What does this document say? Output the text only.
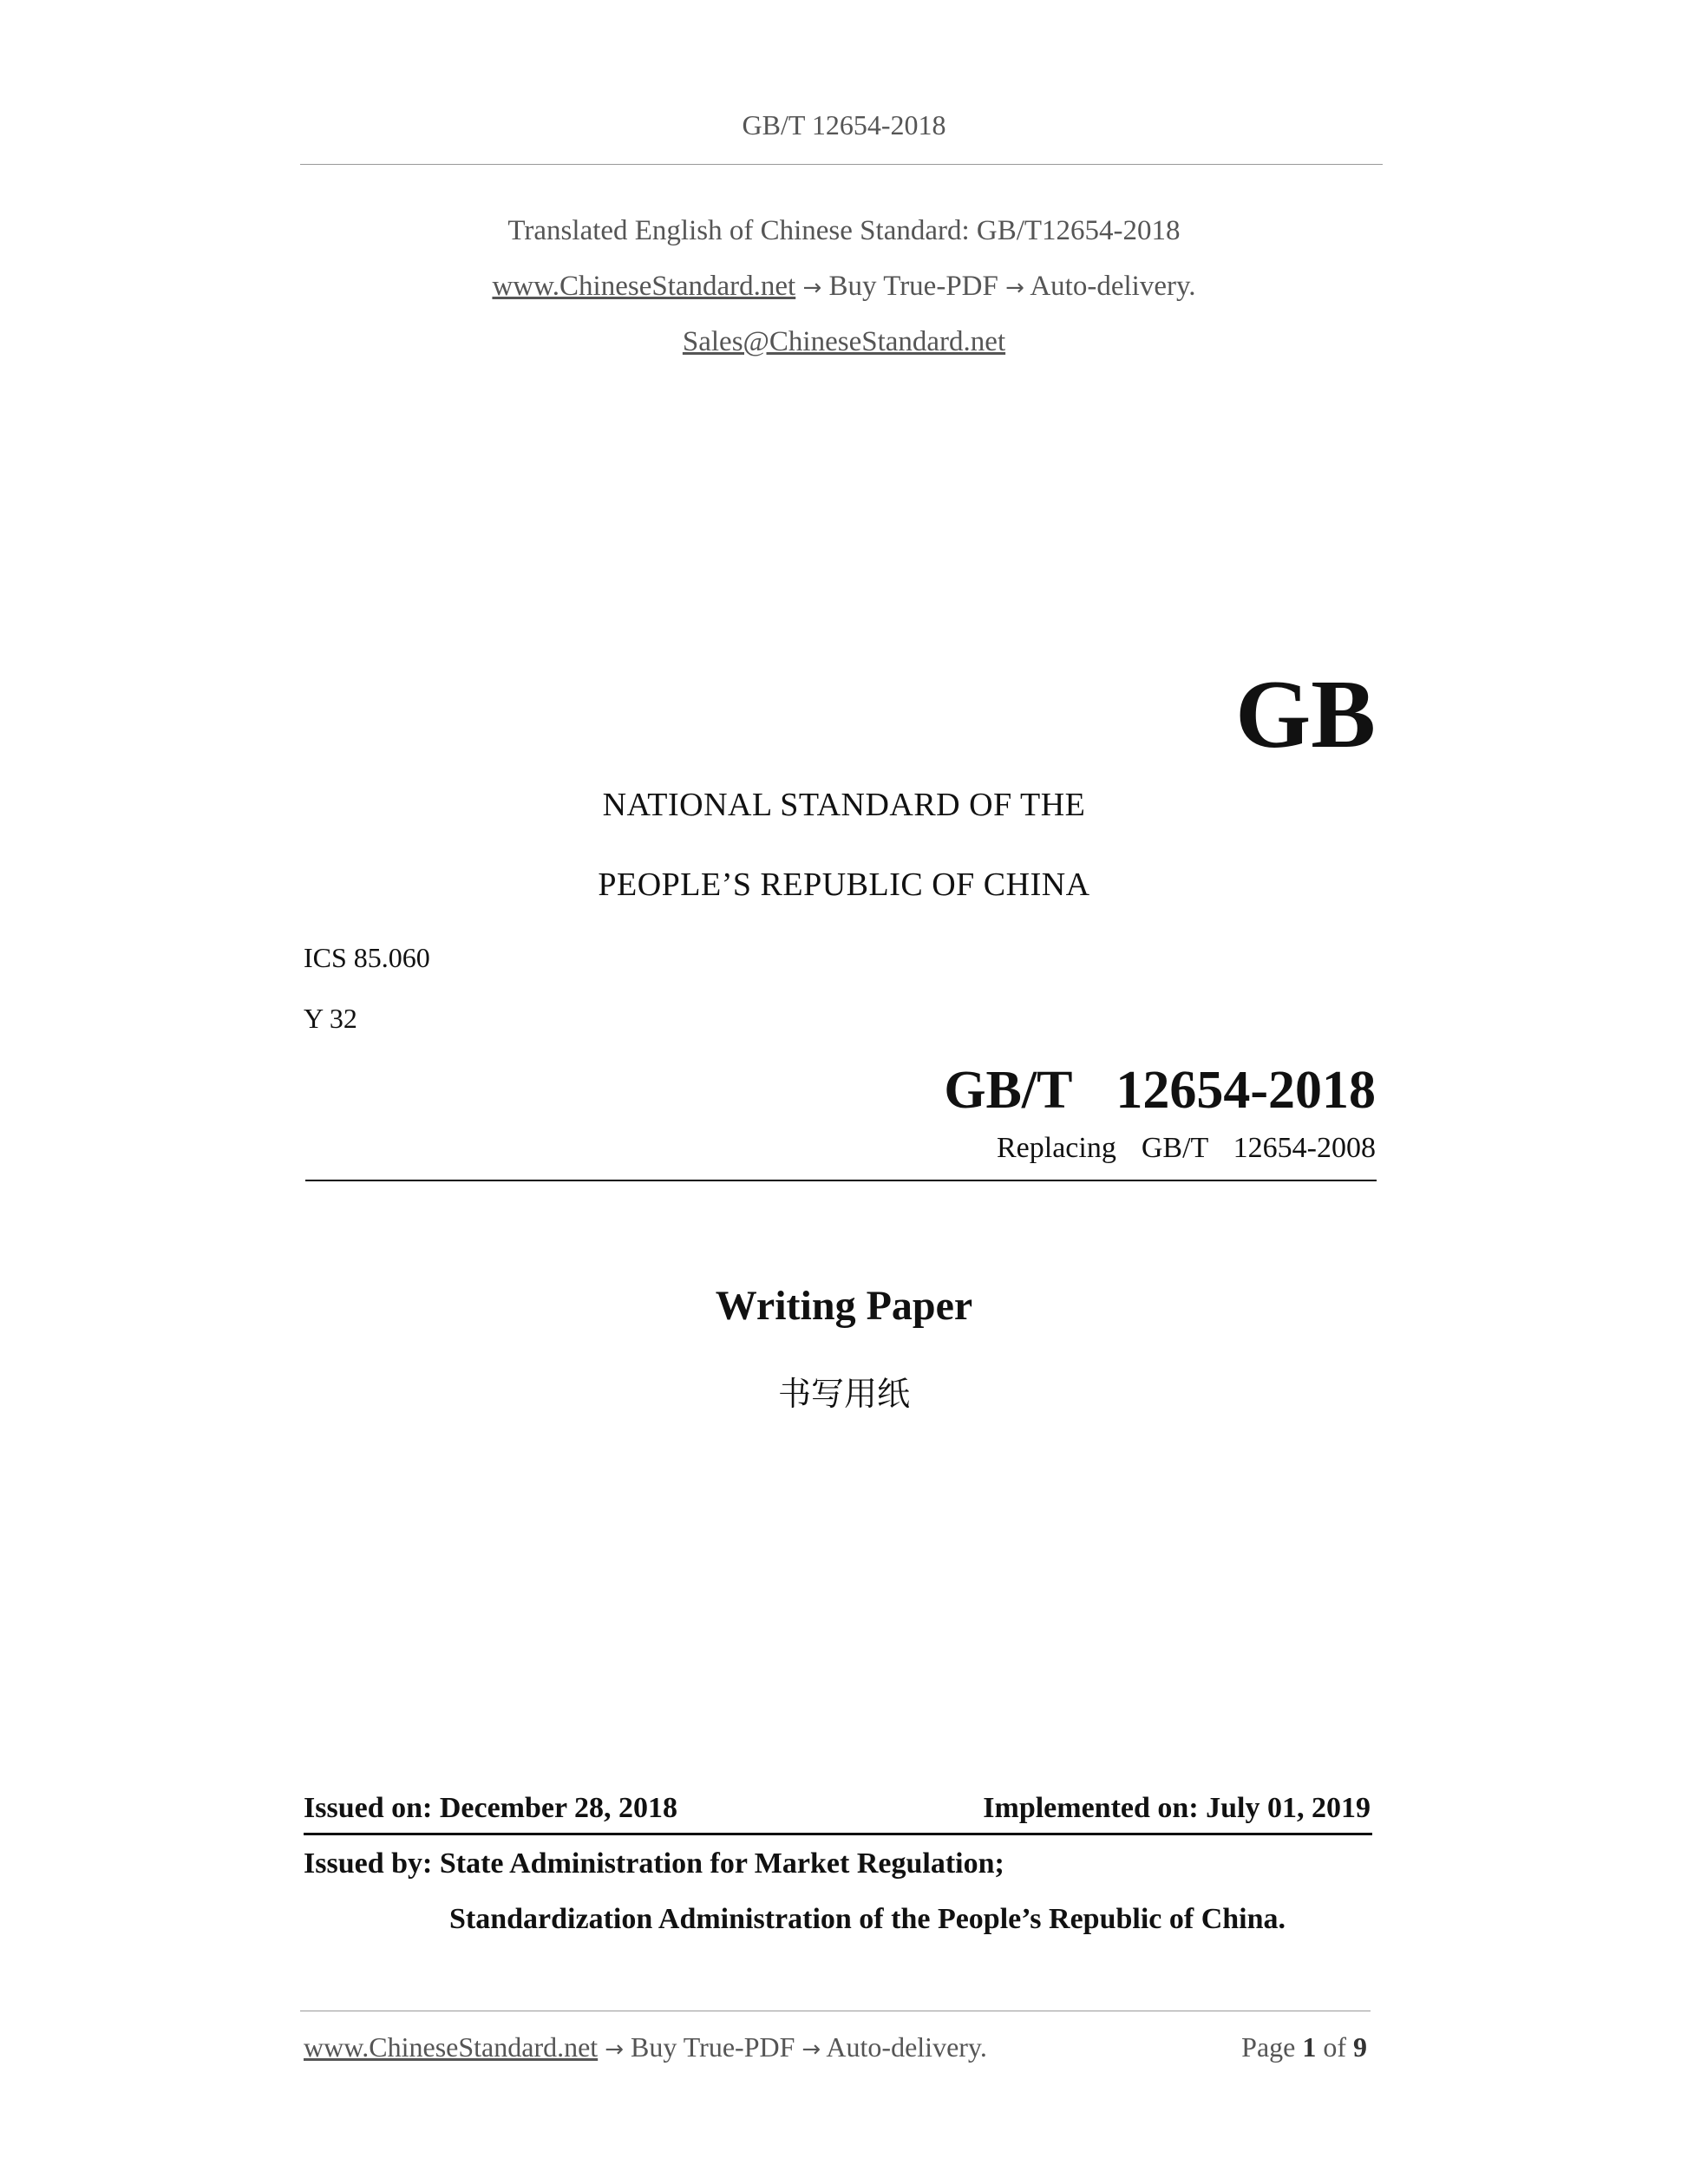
GB/T 12654-2018
Translated English of Chinese Standard: GB/T12654-2018
www.ChineseStandard.net → Buy True-PDF → Auto-delivery.
Sales@ChineseStandard.net
GB
NATIONAL STANDARD OF THE
PEOPLE’S REPUBLIC OF CHINA
ICS 85.060
Y 32
GB/T  12654-2018
Replacing  GB/T  12654-2008
Writing Paper
书写用纸
Issued on: December 28, 2018	Implemented on: July 01, 2019
Issued by: State Administration for Market Regulation;
Standardization Administration of the People’s Republic of China.
www.ChineseStandard.net → Buy True-PDF → Auto-delivery.	Page 1 of 9
